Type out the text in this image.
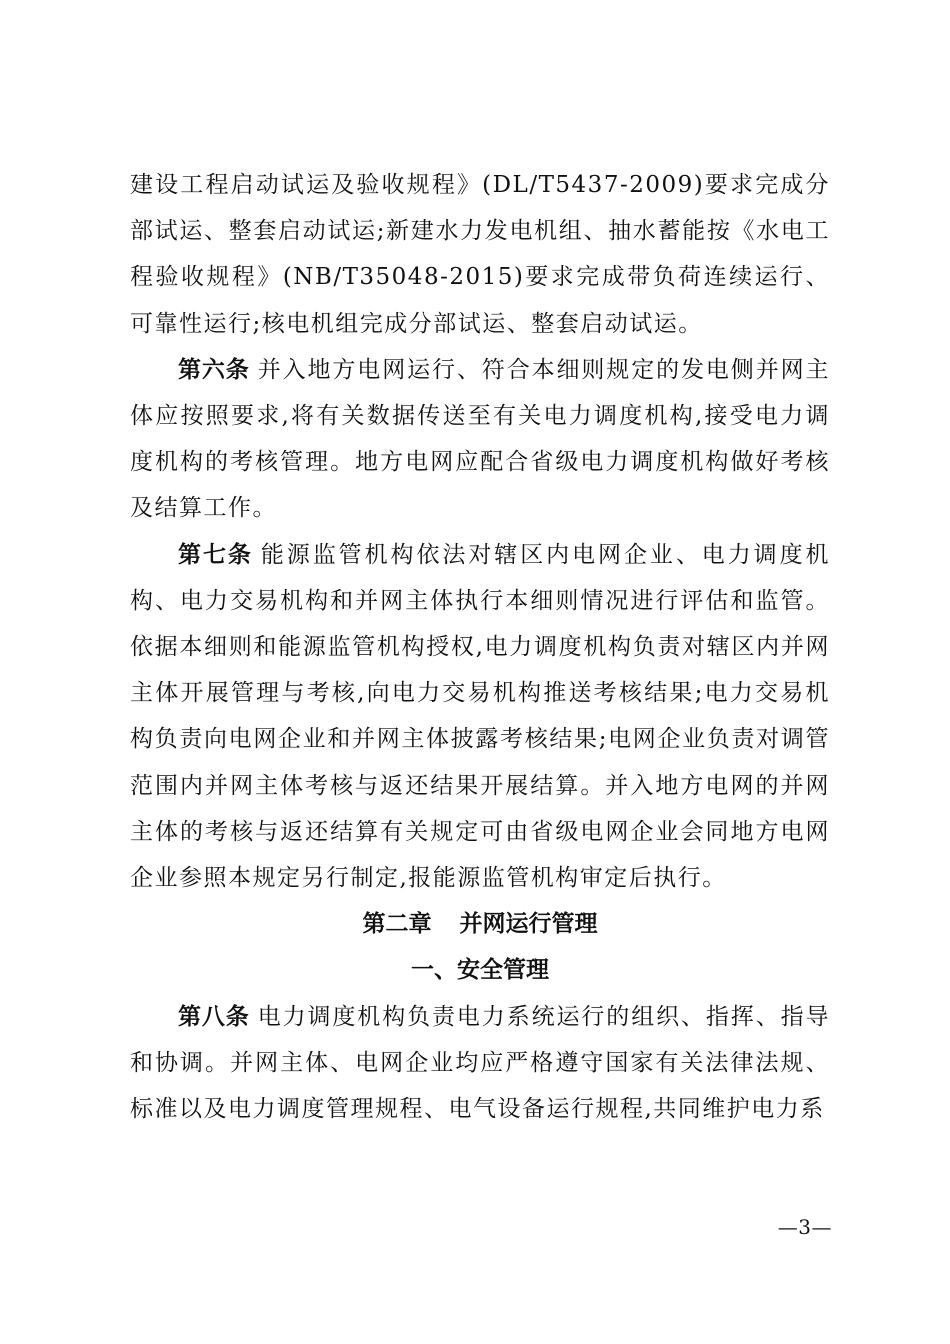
建设工程启动试运及验收规程》(DL/T5437-2009)要求完成分部试运、整套启动试运;新建水力发电机组、抽水蓄能按《水电工程验收规程》(NB/T35048-2015)要求完成带负荷连续运行、可靠性运行;核电机组完成分部试运、整套启动试运。

第六条 并入地方电网运行、符合本细则规定的发电侧并网主体应按照要求,将有关数据传送至有关电力调度机构,接受电力调度机构的考核管理。地方电网应配合省级电力调度机构做好考核及结算工作。

第七条 能源监管机构依法对辖区内电网企业、电力调度机构、电力交易机构和并网主体执行本细则情况进行评估和监管。依据本细则和能源监管机构授权,电力调度机构负责对辖区内并网主体开展管理与考核,向电力交易机构推送考核结果;电力交易机构负责向电网企业和并网主体披露考核结果;电网企业负责对调管范围内并网主体考核与返还结果开展结算。并入地方电网的并网主体的考核与返还结算有关规定可由省级电网企业会同地方电网企业参照本规定另行制定,报能源监管机构审定后执行。

第二章 并网运行管理
一、安全管理

第八条 电力调度机构负责电力系统运行的组织、指挥、指导和协调。并网主体、电网企业均应严格遵守国家有关法律法规、标准以及电力调度管理规程、电气设备运行规程,共同维护电力系

—3—
